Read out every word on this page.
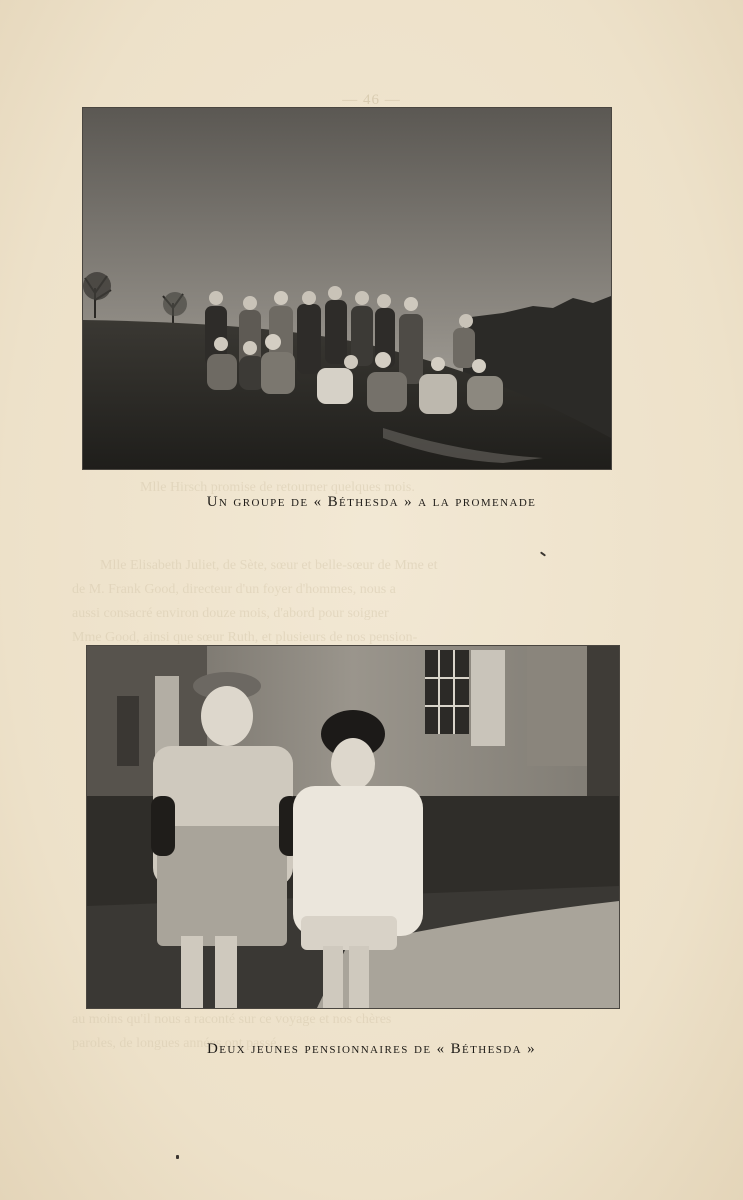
— 46 —
Mlle Hirsch promise de retourner quelques mois.
Mlle Elisabeth Juliet, de Sète, sœur et belle-sœur de Mme et
de M. Frank Good, directeur d'un foyer d'hommes, nous a
aussi consacré environ douze mois, d'abord pour soigner
Mme Good, ainsi que sœur Ruth, et plusieurs de nos pension-
au moins qu'il nous a raconté sur ce voyage et nos chères
paroles, de longues années ont passé.
Un groupe de « Béthesda » a la promenade
Deux jeunes pensionnaires de « Béthesda »
